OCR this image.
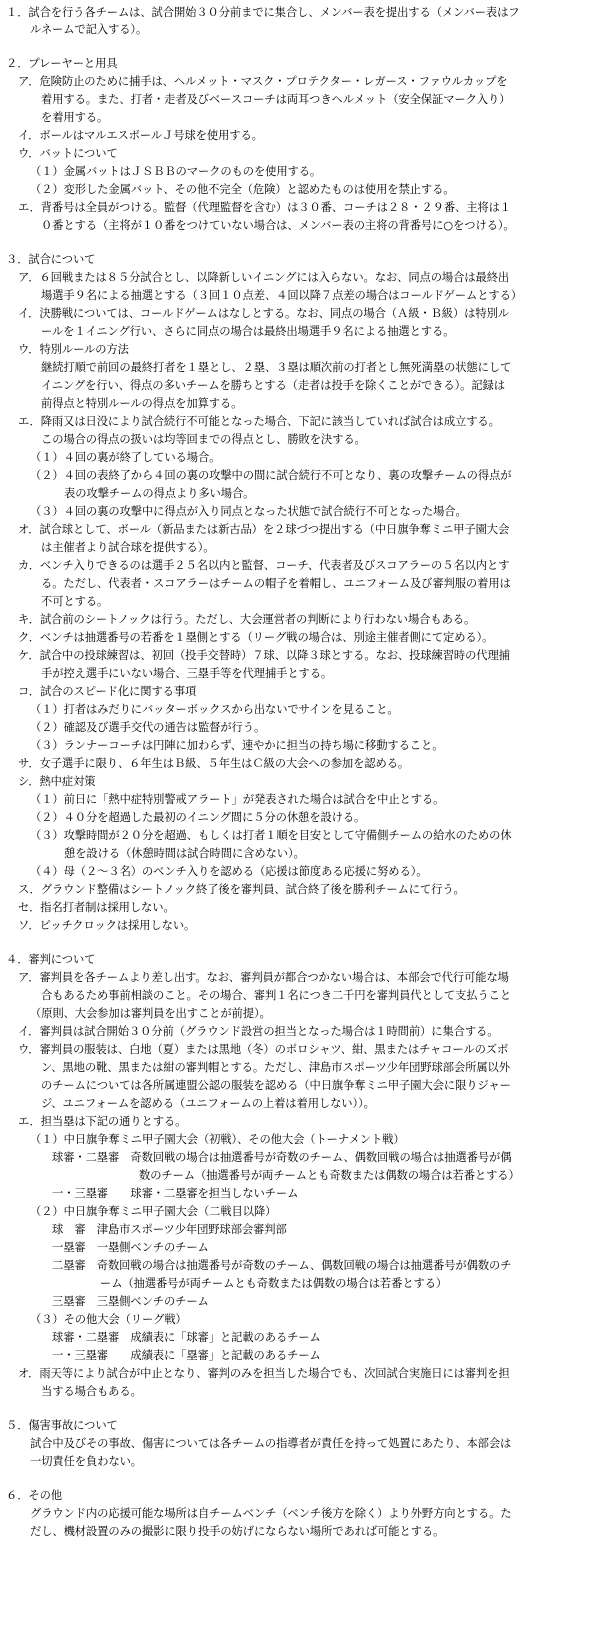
１．試合を行う各チームは、試合開始３０分前までに集合し、メンバー表を提出する（メンバー表はフ
ルネームで記入する）。
２．プレーヤーと用具
ア．危険防止のために捕手は、ヘルメット・マスク・プロテクター・レガース・ファウルカップを
着用する。また、打者・走者及びベースコーチは両耳つきヘルメット（安全保証マーク入り）
を着用する。
イ．ボールはマルエスボールＪ号球を使用する。
ウ．バットについて
（１）金属バットはＪＳＢＢのマークのものを使用する。
（２）変形した金属バット、その他不完全（危険）と認めたものは使用を禁止する。
エ．背番号は全員がつける。監督（代理監督を含む）は３０番、コーチは２８・２９番、主将は１
０番とする（主将が１０番をつけていない場合は、メンバー表の主将の背番号に○をつける）。
３．試合について
ア．６回戦または８５分試合とし、以降新しいイニングには入らない。なお、同点の場合は最終出
場選手９名による抽選とする（３回１０点差、４回以降７点差の場合はコールドゲームとする）
イ．決勝戦については、コールドゲームはなしとする。なお、同点の場合（Ａ級・Ｂ級）は特別ル
ールを１イニング行い、さらに同点の場合は最終出場選手９名による抽選とする。
ウ．特別ルールの方法
継続打順で前回の最終打者を１塁とし、２塁、３塁は順次前の打者とし無死満塁の状態にして
イニングを行い、得点の多いチームを勝ちとする（走者は投手を除くことができる）。記録は
前得点と特別ルールの得点を加算する。
エ．降雨又は日没により試合続行不可能となった場合、下記に該当していれば試合は成立する。
この場合の得点の扱いは均等回までの得点とし、勝敗を決する。
（１）４回の裏が終了している場合。
（２）４回の表終了から４回の裏の攻撃中の間に試合続行不可となり、裏の攻撃チームの得点が
表の攻撃チームの得点より多い場合。
（３）４回の裏の攻撃中に得点が入り同点となった状態で試合続行不可となった場合。
オ．試合球として、ボール（新品または新古品）を２球づつ提出する（中日旗争奪ミニ甲子園大会
は主催者より試合球を提供する）。
カ．ベンチ入りできるのは選手２５名以内と監督、コーチ、代表者及びスコアラーの５名以内とす
る。ただし、代表者・スコアラーはチームの帽子を着帽し、ユニフォーム及び審判服の着用は
不可とする。
キ．試合前のシートノックは行う。ただし、大会運営者の判断により行わない場合もある。
ク．ベンチは抽選番号の若番を１塁側とする（リーグ戦の場合は、別途主催者側にて定める）。
ケ．試合中の投球練習は、初回（投手交替時）７球、以降３球とする。なお、投球練習時の代理捕
手が控え選手にいない場合、三塁手等を代理捕手とする。
コ．試合のスピード化に関する事項
（１）打者はみだりにバッターボックスから出ないでサインを見ること。
（２）確認及び選手交代の通告は監督が行う。
（３）ランナーコーチは円陣に加わらず、速やかに担当の持ち場に移動すること。
サ．女子選手に限り、６年生はＢ級、５年生はＣ級の大会への参加を認める。
シ．熱中症対策
（１）前日に「熱中症特別警戒アラート」が発表された場合は試合を中止とする。
（２）４０分を超過した最初のイニング間に５分の休憩を設ける。
（３）攻撃時間が２０分を超過、もしくは打者１順を目安として守備側チームの給水のための休
憩を設ける（休憩時間は試合時間に含めない）。
（４）母（２〜３名）のベンチ入りを認める（応援は節度ある応援に努める）。
ス．グラウンド整備はシートノック終了後を審判員、試合終了後を勝利チームにて行う。
セ．指名打者制は採用しない。
ソ．ピッチクロックは採用しない。
４．審判について
ア．審判員を各チームより差し出す。なお、審判員が都合つかない場合は、本部会で代行可能な場
合もあるため事前相談のこと。その場合、審判１名につき二千円を審判員代として支払うこと
（原則、大会参加は審判員を出すことが前提）。
イ．審判員は試合開始３０分前（グラウンド設営の担当となった場合は１時間前）に集合する。
ウ．審判員の服装は、白地（夏）または黒地（冬）のポロシャツ、紺、黒またはチャコールのズボ
ン、黒地の靴、黒または紺の審判帽とする。ただし、津島市スポーツ少年団野球部会所属以外
のチームについては各所属連盟公認の服装を認める（中日旗争奪ミニ甲子園大会に限りジャー
ジ、ユニフォームを認める（ユニフォームの上着は着用しない））。
エ．担当塁は下記の通りとする。
（１）中日旗争奪ミニ甲子園大会（初戦）、その他大会（トーナメント戦）
球審・二塁審　奇数回戦の場合は抽選番号が奇数のチーム、偶数回戦の場合は抽選番号が偶
数のチーム（抽選番号が両チームとも奇数または偶数の場合は若番とする）
一・三塁審　　球審・二塁審を担当しないチーム
（２）中日旗争奪ミニ甲子園大会（二戦目以降）
球　審　津島市スポーツ少年団野球部会審判部
一塁審　一塁側ベンチのチーム
二塁審　奇数回戦の場合は抽選番号が奇数のチーム、偶数回戦の場合は抽選番号が偶数のチ
ーム（抽選番号が両チームとも奇数または偶数の場合は若番とする）
三塁審　三塁側ベンチのチーム
（３）その他大会（リーグ戦）
球審・二塁審　成績表に「球審」と記載のあるチーム
一・三塁審　　成績表に「塁審」と記載のあるチーム
オ．雨天等により試合が中止となり、審判のみを担当した場合でも、次回試合実施日には審判を担
当する場合もある。
５．傷害事故について
試合中及びその事故、傷害については各チームの指導者が責任を持って処置にあたり、本部会は
一切責任を負わない。
６．その他
グラウンド内の応援可能な場所は自チームベンチ（ベンチ後方を除く）より外野方向とする。た
だし、機材設置のみの撮影に限り投手の妨げにならない場所であれば可能とする。
